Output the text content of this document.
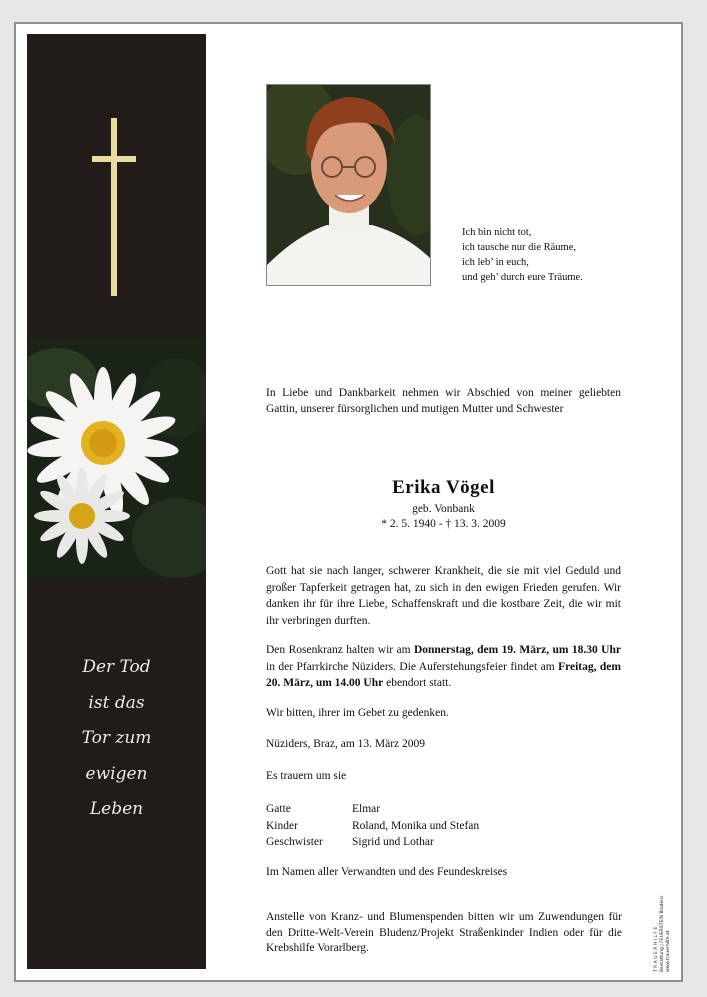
Der Tod
ist das
Tor zum
ewigen
Leben
Ich bin nicht tot,
ich tausche nur die Räume,
ich leb’ in euch,
und geh’ durch eure Träume.
In Liebe und Dankbarkeit nehmen wir Abschied von meiner geliebten Gattin, unserer fürsorglichen und mutigen Mutter und Schwester
Erika Vögel
geb. Vonbank
* 2. 5. 1940 - † 13. 3. 2009
Gott hat sie nach langer, schwerer Krankheit, die sie mit viel Geduld und großer Tapferkeit getragen hat, zu sich in den ewigen Frieden gerufen. Wir danken ihr für ihre Liebe, Schaffenskraft und die kostbare Zeit, die wir mit ihr verbringen durften.
Den Rosenkranz halten wir am Donnerstag, dem 19. März, um 18.30 Uhr in der Pfarrkirche Nüziders. Die Auferstehungsfeier findet am Freitag, dem 20. März, um 14.00 Uhr ebendort statt.
Wir bitten, ihrer im Gebet zu gedenken.
Nüziders, Braz, am 13. März 2009
Es trauern um sie
Gatte	Elmar
Kinder	Roland, Monika und Stefan
Geschwister	Sigrid und Lothar
Im Namen aller Verwandten und des Feundeskreises
Anstelle von Kranz- und Blumenspenden bitten wir um Zuwendungen für den Dritte-Welt-Verein Bludenz/Projekt Straßenkinder Indien oder für die Krebshilfe Vorarlberg.	T R A U E R H I L F E Bestattung | FEUERSTEIN Bludenz www.trauerhilfe.at
